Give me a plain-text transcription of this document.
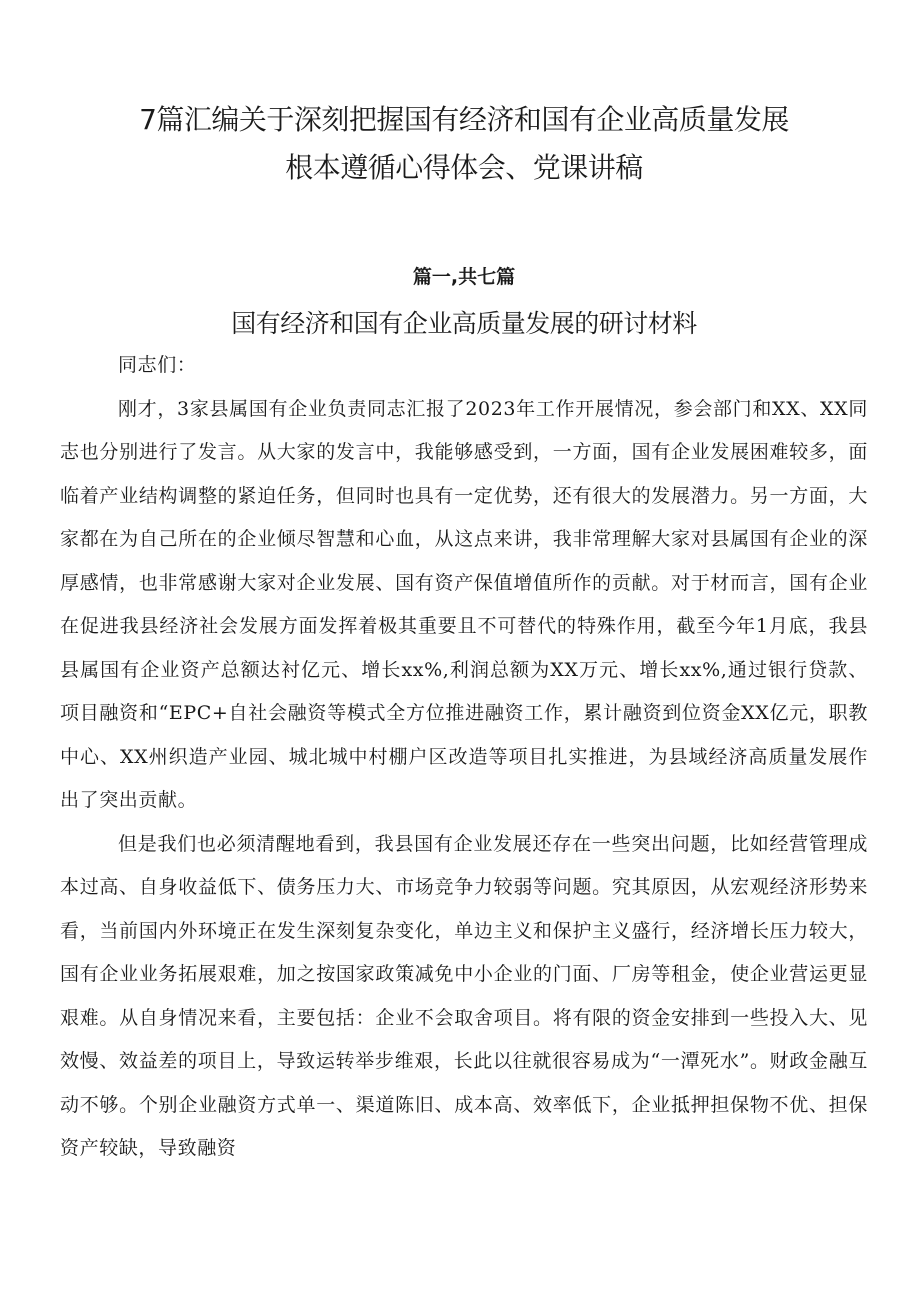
7篇汇编关于深刻把握国有经济和国有企业高质量发展
根本遵循心得体会、党课讲稿
篇一,共七篇
国有经济和国有企业高质量发展的研讨材料

同志们：

刚才，3家县属国有企业负责同志汇报了2023年工作开展情况，参会部门和XX、XX同志也分别进行了发言。从大家的发言中，我能够感受到，一方面，国有企业发展困难较多，面临着产业结构调整的紧迫任务，但同时也具有一定优势，还有很大的发展潜力。另一方面，大家都在为自己所在的企业倾尽智慧和心血，从这点来讲，我非常理解大家对县属国有企业的深厚感情，也非常感谢大家对企业发展、国有资产保值增值所作的贡献。对于材而言，国有企业在促进我县经济社会发展方面发挥着极其重要且不可替代的特殊作用，截至今年1月底，我县县属国有企业资产总额达衬亿元、增长xx%,利润总额为XX万元、增长xx%,通过银行贷款、项目融资和“EPC+自社会融资等模式全方位推进融资工作，累计融资到位资金XX亿元，职教中心、XX州织造产业园、城北城中村棚户区改造等项目扎实推进，为县域经济高质量发展作出了突出贡献。

但是我们也必须清醒地看到，我县国有企业发展还存在一些突出问题，比如经营管理成本过高、自身收益低下、债务压力大、市场竞争力较弱等问题。究其原因，从宏观经济形势来看，当前国内外环境正在发生深刻复杂变化，单边主义和保护主义盛行，经济增长压力较大，国有企业业务拓展艰难，加之按国家政策减免中小企业的门面、厂房等租金，使企业营运更显艰难。从自身情况来看，主要包括：企业不会取舍项目。将有限的资金安排到一些投入大、见效慢、效益差的项目上，导致运转举步维艰，长此以往就很容易成为“一潭死水”。财政金融互动不够。个别企业融资方式单一、渠道陈旧、成本高、效率低下，企业抵押担保物不优、担保资产较缺，导致融资
